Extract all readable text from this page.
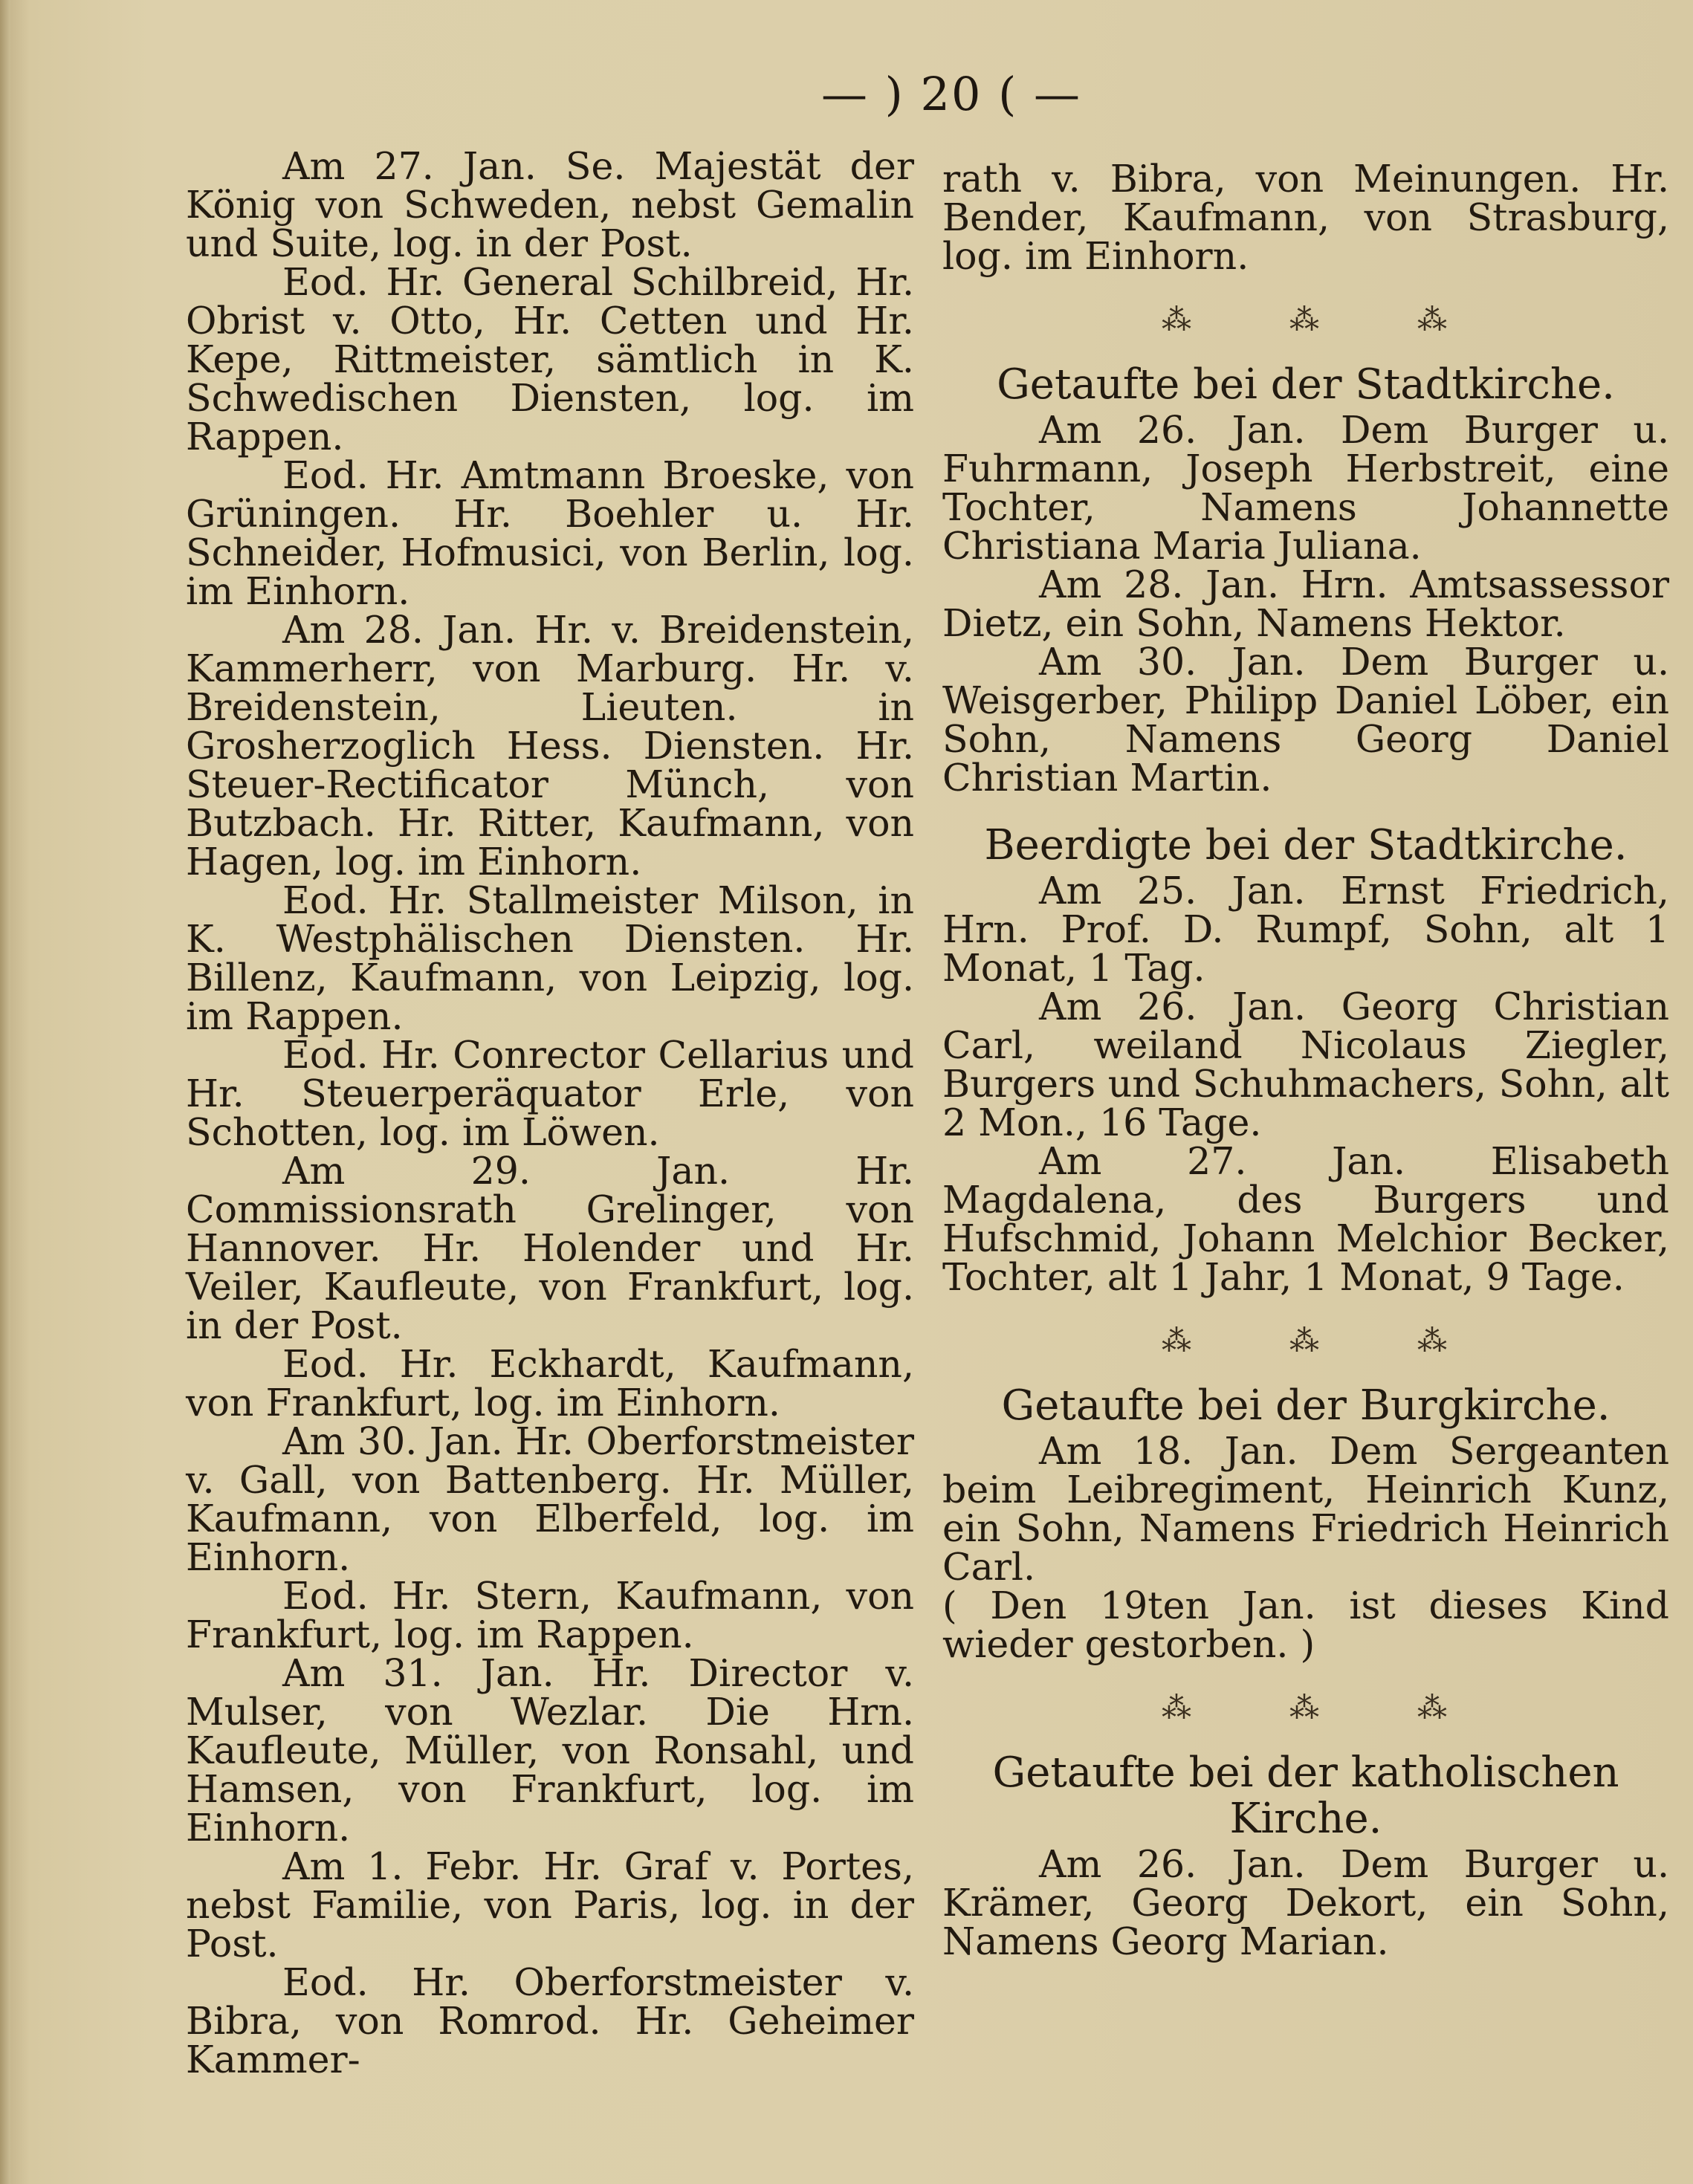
— ) 20 ( —

Am 27. Jan. Se. Majestät der König von Schweden, nebst Gemalin und Suite, log. in der Post.

Eod. Hr. General Schilbreid, Hr. Obrist v. Otto, Hr. Cetten und Hr. Kepe, Rittmeister, sämtlich in K. Schwedischen Diensten, log. im Rappen.

Eod. Hr. Amtmann Broeske, von Grüningen. Hr. Boehler u. Hr. Schneider, Hofmusici, von Berlin, log. im Einhorn.

Am 28. Jan. Hr. v. Breidenstein, Kammerherr, von Marburg. Hr. v. Breidenstein, Lieuten. in Grosherzoglich Hess. Diensten. Hr. Steuer-Rectificator Münch, von Butzbach. Hr. Ritter, Kaufmann, von Hagen, log. im Einhorn.

Eod. Hr. Stallmeister Milson, in K. Westphälischen Diensten. Hr. Billenz, Kaufmann, von Leipzig, log. im Rappen.

Eod. Hr. Conrector Cellarius und Hr. Steuerperäquator Erle, von Schotten, log. im Löwen.

Am 29. Jan. Hr. Commissionsrath Grelinger, von Hannover. Hr. Holender und Hr. Veiler, Kaufleute, von Frankfurt, log. in der Post.

Eod. Hr. Eckhardt, Kaufmann, von Frankfurt, log. im Einhorn.

Am 30. Jan. Hr. Oberforstmeister v. Gall, von Battenberg. Hr. Müller, Kaufmann, von Elberfeld, log. im Einhorn.

Eod. Hr. Stern, Kaufmann, von Frankfurt, log. im Rappen.

Am 31. Jan. Hr. Director v. Mulser, von Wezlar. Die Hrn. Kaufleute, Müller, von Ronsahl, und Hamsen, von Frankfurt, log. im Einhorn.

Am 1. Febr. Hr. Graf v. Portes, nebst Familie, von Paris, log. in der Post.

Eod. Hr. Oberforstmeister v. Bibra, von Romrod. Hr. Geheimer Kammer-

rath v. Bibra, von Meinungen. Hr. Bender, Kaufmann, von Strasburg, log. im Einhorn.

⁂	⁂	⁂
Getaufte bei der Stadtkirche.

Am 26. Jan. Dem Burger u. Fuhrmann, Joseph Herbstreit, eine Tochter, Namens Johannette Christiana Maria Juliana.

Am 28. Jan. Hrn. Amtsassessor Dietz, ein Sohn, Namens Hektor.

Am 30. Jan. Dem Burger u. Weisgerber, Philipp Daniel Löber, ein Sohn, Namens Georg Daniel Christian Martin.

Beerdigte bei der Stadtkirche.

Am 25. Jan. Ernst Friedrich, Hrn. Prof. D. Rumpf, Sohn, alt 1 Monat, 1 Tag.

Am 26. Jan. Georg Christian Carl, weiland Nicolaus Ziegler, Burgers und Schuhmachers, Sohn, alt 2 Mon., 16 Tage.

Am 27. Jan. Elisabeth Magdalena, des Burgers und Hufschmid, Johann Melchior Becker, Tochter, alt 1 Jahr, 1 Monat, 9 Tage.

⁂	⁂	⁂
Getaufte bei der Burgkirche.

Am 18. Jan. Dem Sergeanten beim Leibregiment, Heinrich Kunz, ein Sohn, Namens Friedrich Heinrich Carl.

( Den 19ten Jan. ist dieses Kind wieder gestorben. )

⁂	⁂	⁂
Getaufte bei der katholischen Kirche.

Am 26. Jan. Dem Burger u. Krämer, Georg Dekort, ein Sohn, Namens Georg Marian.
